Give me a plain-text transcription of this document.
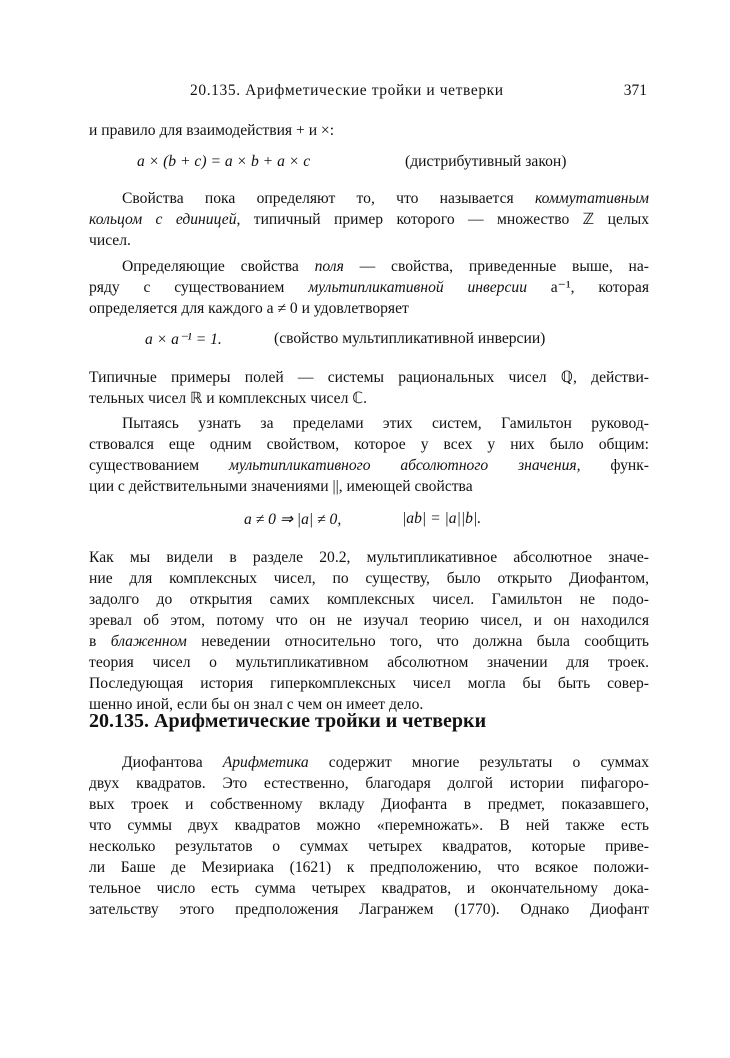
20.135. Арифметические тройки и четверки	371
и правило для взаимодействия + и ×:
a × (b + c) = a × b + a × c	(дистрибутивный закон)
Свойства пока определяют то, что называется коммутативным
кольцом с единицей, типичный пример которого — множество ℤ целых
чисел.
Определяющие свойства поля — свойства, приведенные выше, на-
ряду с существованием мультипликативной инверсии a⁻¹, которая
определяется для каждого a ≠ 0 и удовлетворяет
a × a⁻¹ = 1.	(свойство мультипликативной инверсии)
Типичные примеры полей — системы рациональных чисел ℚ, действи-
тельных чисел ℝ и комплексных чисел ℂ.
Пытаясь узнать за пределами этих систем, Гамильтон руковод-
ствовался еще одним свойством, которое у всех у них было общим:
существованием мультипликативного абсолютного значения, функ-
ции с действительными значениями ||, имеющей свойства
a ≠ 0 ⇒ |a| ≠ 0,	|ab| = |a||b|.
Как мы видели в разделе 20.2, мультипликативное абсолютное значе-
ние для комплексных чисел, по существу, было открыто Диофантом,
задолго до открытия самих комплексных чисел. Гамильтон не подо-
зревал об этом, потому что он не изучал теорию чисел, и он находился
в блаженном неведении относительно того, что должна была сообщить
теория чисел о мультипликативном абсолютном значении для троек.
Последующая история гиперкомплексных чисел могла бы быть совер-
шенно иной, если бы он знал с чем он имеет дело.
20.135. Арифметические тройки и четверки
Диофантова Арифметика содержит многие результаты о суммах
двух квадратов. Это естественно, благодаря долгой истории пифагоро-
вых троек и собственному вкладу Диофанта в предмет, показавшего,
что суммы двух квадратов можно «перемножать». В ней также есть
несколько результатов о суммах четырех квадратов, которые приве-
ли Баше де Мезириака (1621) к предположению, что всякое положи-
тельное число есть сумма четырех квадратов, и окончательному дока-
зательству этого предположения Лагранжем (1770). Однако Диофант
